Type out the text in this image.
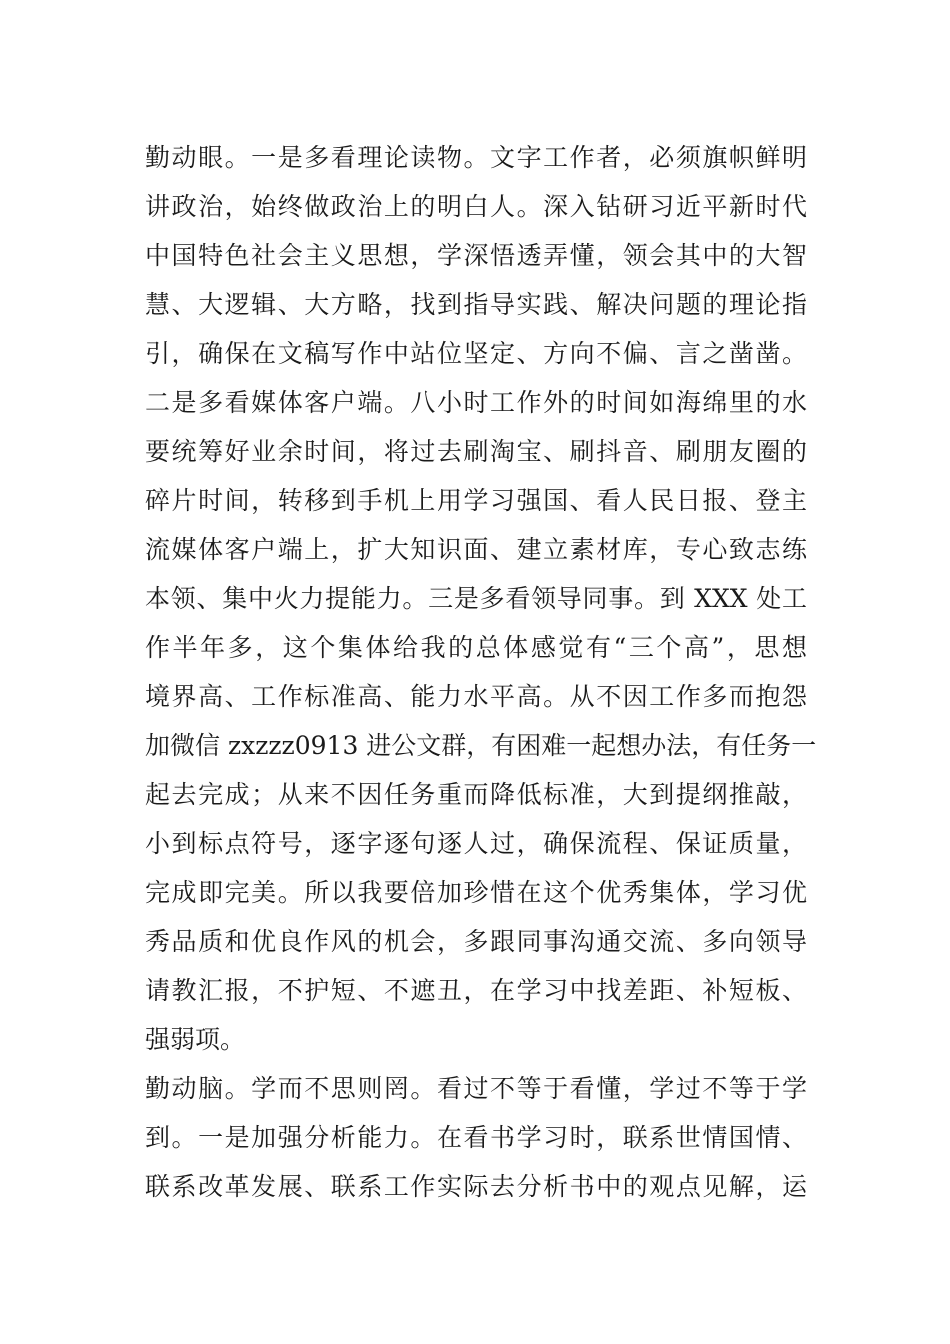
勤动眼。一是多看理论读物。文字工作者，必须旗帜鲜明
讲政治，始终做政治上的明白人。深入钻研习近平新时代
中国特色社会主义思想，学深悟透弄懂，领会其中的大智
慧、大逻辑、大方略，找到指导实践、解决问题的理论指
引，确保在文稿写作中站位坚定、方向不偏、言之凿凿。
二是多看媒体客户端。八小时工作外的时间如海绵里的水
要统筹好业余时间，将过去刷淘宝、刷抖音、刷朋友圈的
碎片时间，转移到手机上用学习强国、看人民日报、登主
流媒体客户端上，扩大知识面、建立素材库，专心致志练
本领、集中火力提能力。三是多看领导同事。到 XXX 处工
作半年多，这个集体给我的总体感觉有“三个高”，思想
境界高、工作标准高、能力水平高。从不因工作多而抱怨
加微信 zxzzz0913 进公文群，有困难一起想办法，有任务一
起去完成；从来不因任务重而降低标准，大到提纲推敲，
小到标点符号，逐字逐句逐人过，确保流程、保证质量，
完成即完美。所以我要倍加珍惜在这个优秀集体，学习优
秀品质和优良作风的机会，多跟同事沟通交流、多向领导
请教汇报，不护短、不遮丑，在学习中找差距、补短板、
强弱项。
勤动脑。学而不思则罔。看过不等于看懂，学过不等于学
到。一是加强分析能力。在看书学习时，联系世情国情、
联系改革发展、联系工作实际去分析书中的观点见解，运
